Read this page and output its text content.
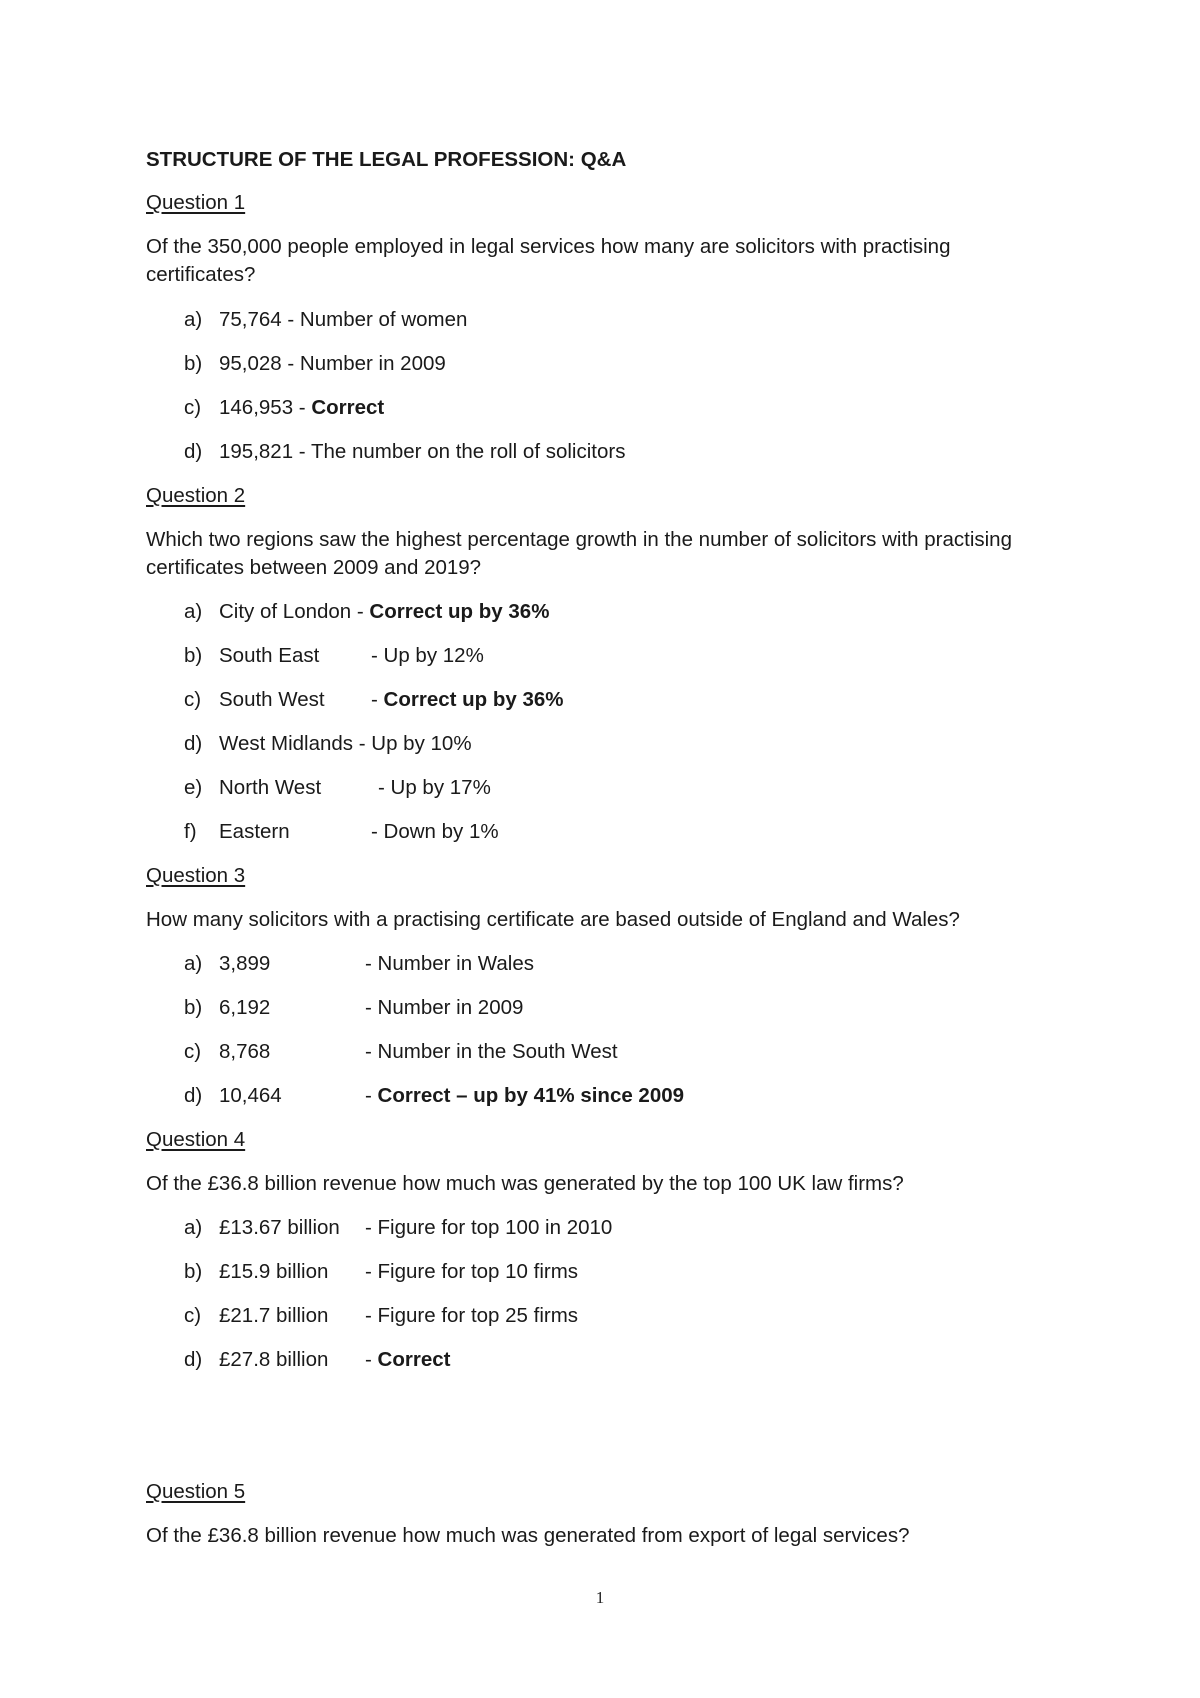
STRUCTURE OF THE LEGAL PROFESSION: Q&A
Question 1
Of the 350,000 people employed in legal services how many are solicitors with practising certificates?
a) 75,764 - Number of women
b) 95,028 - Number in 2009
c) 146,953 - Correct
d) 195,821 - The number on the roll of solicitors
Question 2
Which two regions saw the highest percentage growth in the number of solicitors with practising certificates between 2009 and 2019?
a) City of London - Correct up by 36%
b) South East	- Up by 12%
c) South West - Correct up by 36%
d) West Midlands - Up by 10%
e) North West	- Up by 17%
f) Eastern	- Down by 1%
Question 3
How many solicitors with a practising certificate are based outside of England and Wales?
a) 3,899	- Number in Wales
b) 6,192	- Number in 2009
c) 8,768	- Number in the South West
d) 10,464	- Correct – up by 41% since 2009
Question 4
Of the £36.8 billion revenue how much was generated by the top 100 UK law firms?
a) £13.67 billion - Figure for top 100 in 2010
b) £15.9 billion - Figure for top 10 firms
c) £21.7 billion - Figure for top 25 firms
d) £27.8 billion - Correct
Question 5
Of the £36.8 billion revenue how much was generated from export of legal services?
1
